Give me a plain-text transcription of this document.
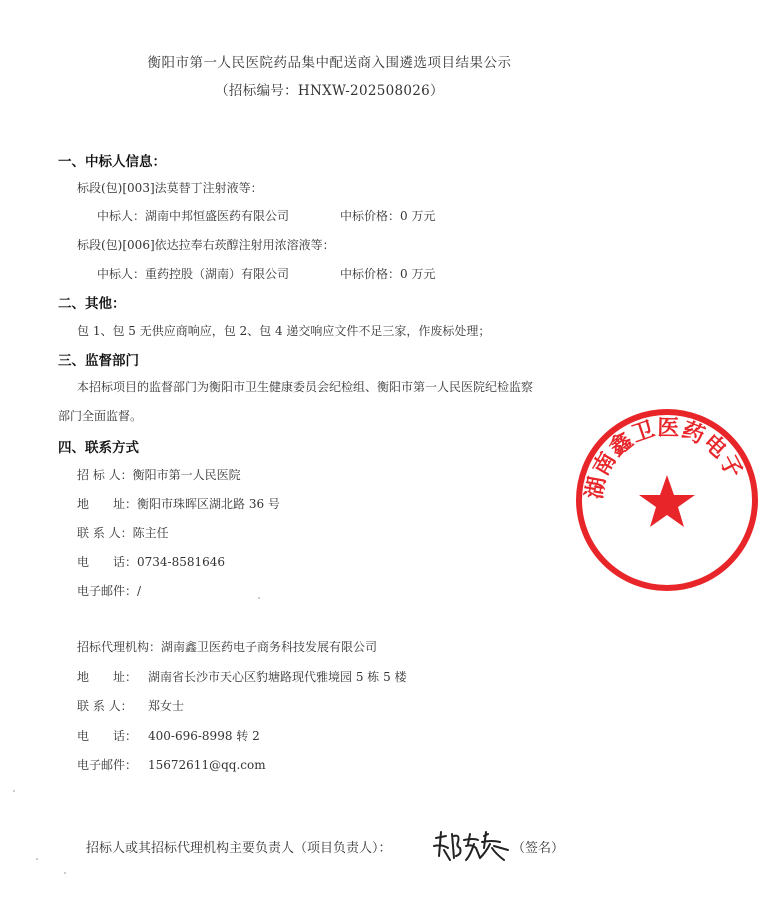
衡阳市第一人民医院药品集中配送商入围遴选项目结果公示
（招标编号：HNXW-202508026）
一、中标人信息：
标段(包)[003]法莫替丁注射液等：
中标人：湖南中邦恒盛医药有限公司	中标价格：0 万元
标段(包)[006]依达拉奉右莰醇注射用浓溶液等：
中标人：重药控股（湖南）有限公司	中标价格：0 万元
二、其他：
包 1、包 5 无供应商响应，包 2、包 4 递交响应文件不足三家，作废标处理；
三、监督部门
本招标项目的监督部门为衡阳市卫生健康委员会纪检组、衡阳市第一人民医院纪检监察
部门全面监督。
四、联系方式
招 标 人：衡阳市第一人民医院
地　　址：衡阳市珠晖区湖北路 36 号
联 系 人：陈主任
电　　话：0734-8581646
电子邮件：/
招标代理机构：湖南鑫卫医药电子商务科技发展有限公司
地　　址： 湖南省长沙市天心区豹塘路现代雅境园 5 栋 5 楼
联 系 人： 郑女士
电　　话： 400-696-8998 转 2
电子邮件： 15672611@qq.com
招标人或其招标代理机构主要负责人（项目负责人）：	（签名）
湖南鑫卫医药电子
